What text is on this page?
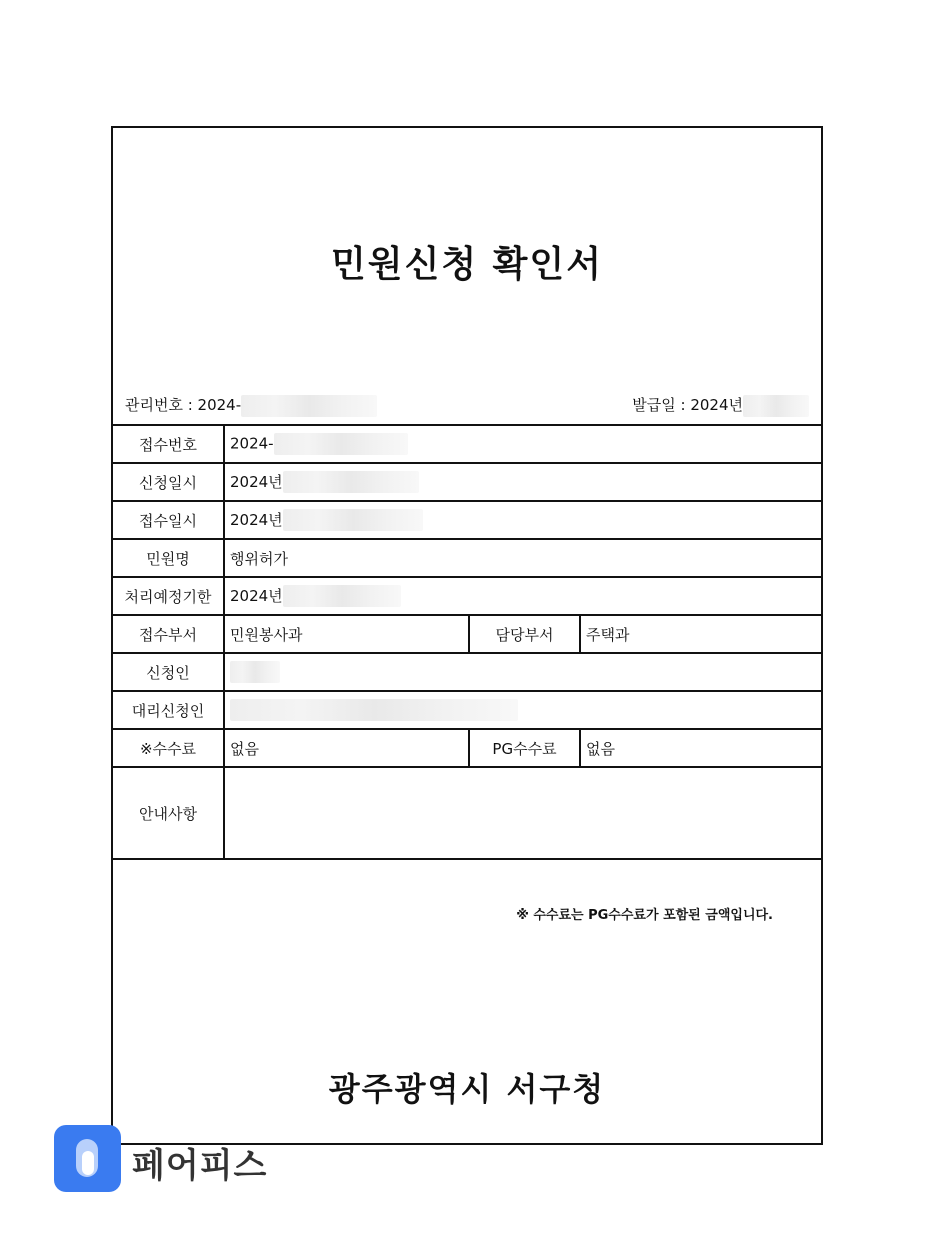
민원신청 확인서
관리번호 : 2024-	발급일 : 2024년
접수번호	2024-		
신청일시	2024년		
접수일시	2024년		
민원명	행위허가		
처리예정기한	2024년		
접수부서	민원봉사과	담당부서	주택과
신청인			
대리신청인			
※수수료	없음	PG수수료	없음
안내사항			
※ 수수료는 PG수수료가 포함된 금액입니다.
광주광역시 서구청
페어피스
